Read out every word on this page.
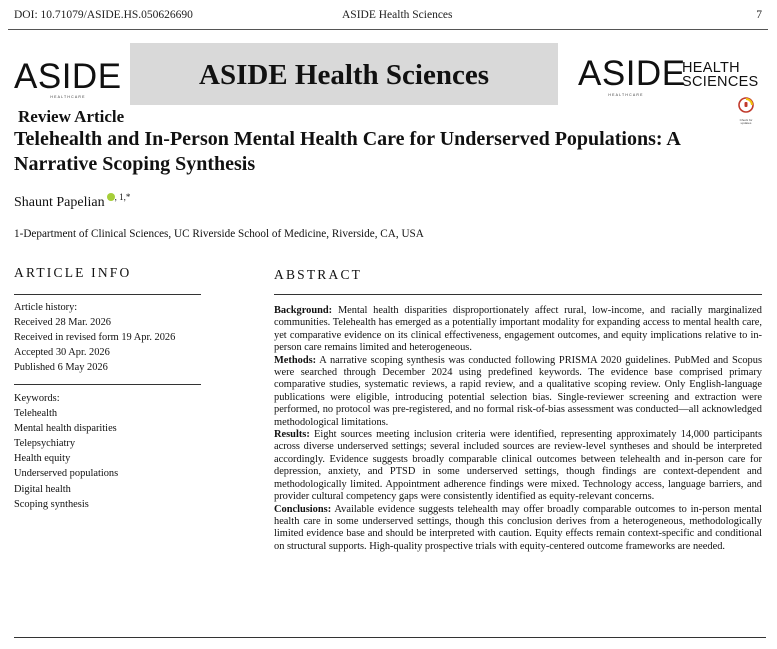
DOI: 10.71079/ASIDE.HS.050626690	ASIDE Health Sciences	7
ASIDE
HEALTHCARE
ASIDE Health Sciences	ASIDE
HEALTH
SCIENCES
HEALTHCARE
Check for updates
Review Article
Telehealth and In-Person Mental Health Care for Underserved Populations: A Narrative Scoping Synthesis
Shaunt Papelian $^{, 1,*}$
1-Department of Clinical Sciences, UC Riverside School of Medicine, Riverside, CA, USA
ARTICLE INFO
Article history:
Received 28 Mar. 2026
Received in revised form 19 Apr. 2026
Accepted 30 Apr. 2026
Published 6 May 2026
Keywords:
Telehealth
Mental health disparities
Telepsychiatry
Health equity
Underserved populations
Digital health
Scoping synthesis
ABSTRACT

Background: Mental health disparities disproportionately affect rural, low-income, and racially marginalized communities. Telehealth has emerged as a potentially important modality for expanding access to mental health care, yet comparative evidence on its clinical effectiveness, engagement outcomes, and equity implications relative to in-person care remains limited and heterogeneous.

Methods: A narrative scoping synthesis was conducted following PRISMA 2020 guidelines. PubMed and Scopus were searched through December 2024 using predefined keywords. The evidence base comprised primary comparative studies, systematic reviews, a rapid review, and a qualitative scoping review. Only English-language publications were eligible, introducing potential selection bias. Single-reviewer screening and extraction were performed, no protocol was pre-registered, and no formal risk-of-bias assessment was conducted—all acknowledged methodological limitations.

Results: Eight sources meeting inclusion criteria were identified, representing approximately 14,000 participants across diverse underserved settings; several included sources are review-level syntheses and should be interpreted accordingly. Evidence suggests broadly comparable clinical outcomes between telehealth and in-person care for depression, anxiety, and PTSD in some underserved settings, though findings are context-dependent and methodologically limited. Appointment adherence findings were mixed. Technology access, language barriers, and provider cultural competency gaps were consistently identified as equity-relevant concerns.

Conclusions: Available evidence suggests telehealth may offer broadly comparable outcomes to in-person mental health care in some underserved settings, though this conclusion derives from a heterogeneous, methodologically limited evidence base and should be interpreted with caution. Equity effects remain context-specific and conditional on structural supports. High-quality prospective trials with equity-centered outcome frameworks are needed.
